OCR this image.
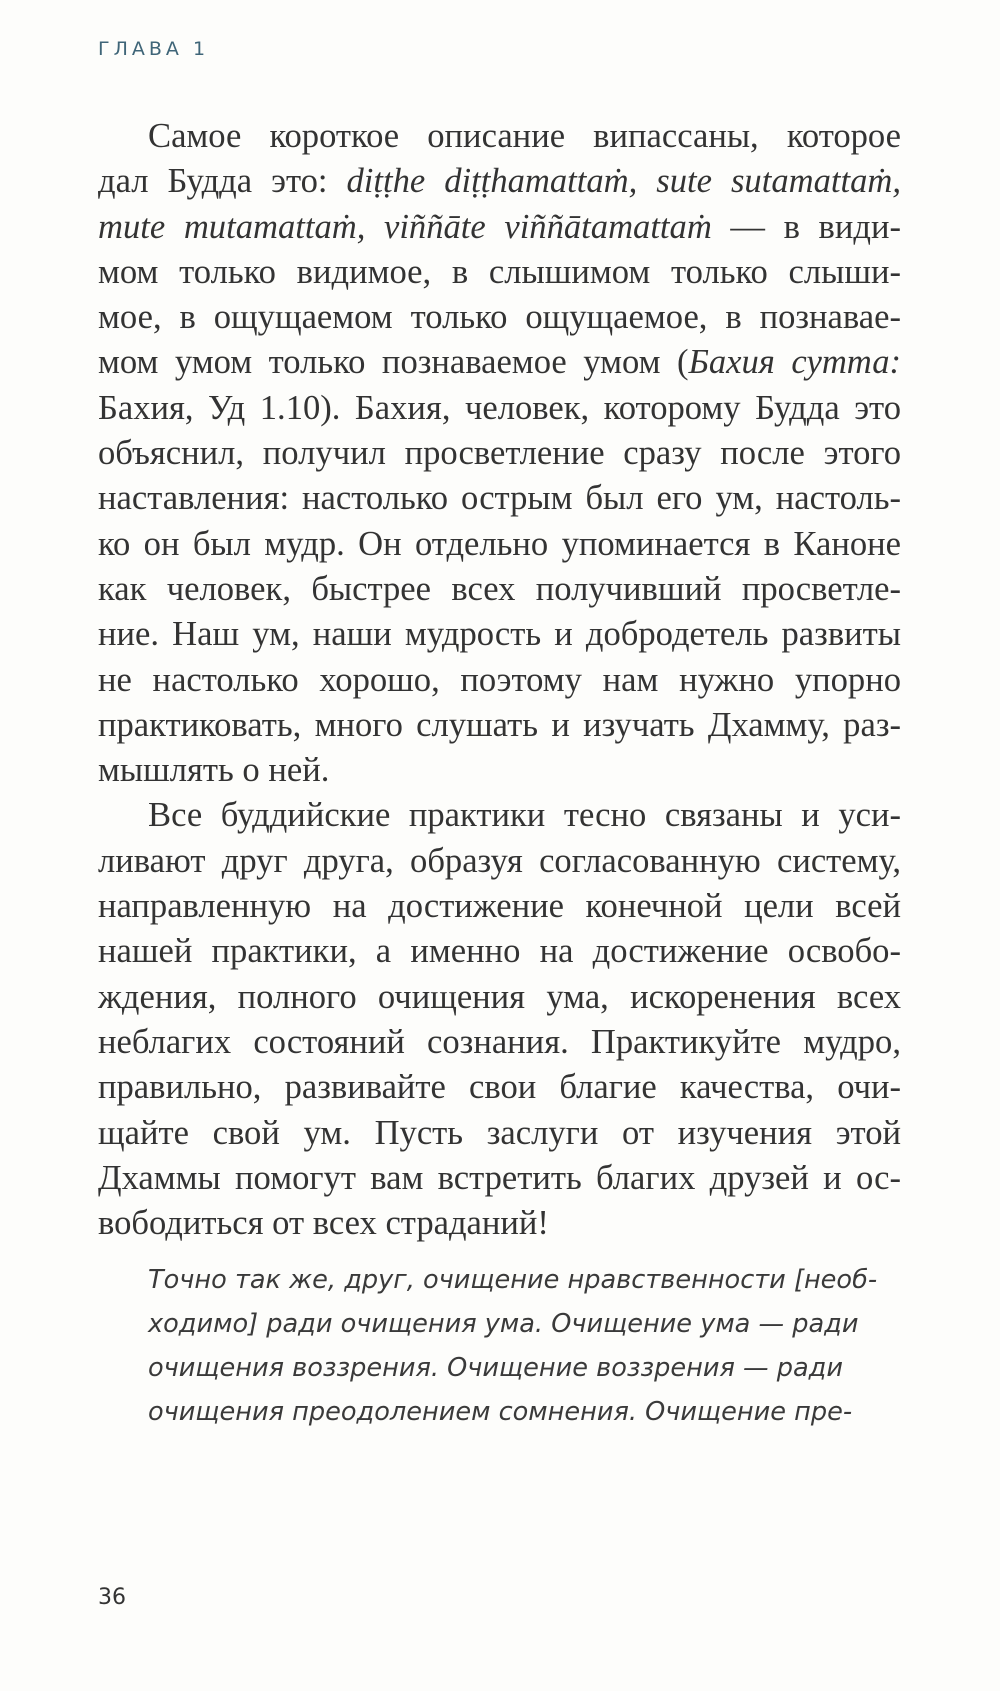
ГЛАВА 1
Самое короткое описание випассаны, которое
дал Будда это: diṭṭhe diṭṭhamattaṁ, sute sutamattaṁ,
mute mutamattaṁ, viññāte viññātamattaṁ — в види-
мом только видимое, в слышимом только слыши-
мое, в ощущаемом только ощущаемое, в познавае-
мом умом только познаваемое умом (Бахия сутта:
Бахия, Уд 1.10). Бахия, человек, которому Будда это
объяснил, получил просветление сразу после этого
наставления: настолько острым был его ум, настоль-
ко он был мудр. Он отдельно упоминается в Каноне
как человек, быстрее всех получивший просветле-
ние. Наш ум, наши мудрость и добродетель развиты
не настолько хорошо, поэтому нам нужно упорно
практиковать, много слушать и изучать Дхамму, раз-
мышлять о ней.
Все буддийские практики тесно связаны и уси-
ливают друг друга, образуя согласованную систему,
направленную на достижение конечной цели всей
нашей практики, а именно на достижение освобо-
ждения, полного очищения ума, искоренения всех
неблагих состояний сознания. Практикуйте мудро,
правильно, развивайте свои благие качества, очи-
щайте свой ум. Пусть заслуги от изучения этой
Дхаммы помогут вам встретить благих друзей и ос-
вободиться от всех страданий!
Точно так же, друг, очищение нравственности [необ-
ходимо] ради очищения ума. Очищение ума — ради
очищения воззрения. Очищение воззрения — ради
очищения преодолением сомнения. Очищение пре-
36
